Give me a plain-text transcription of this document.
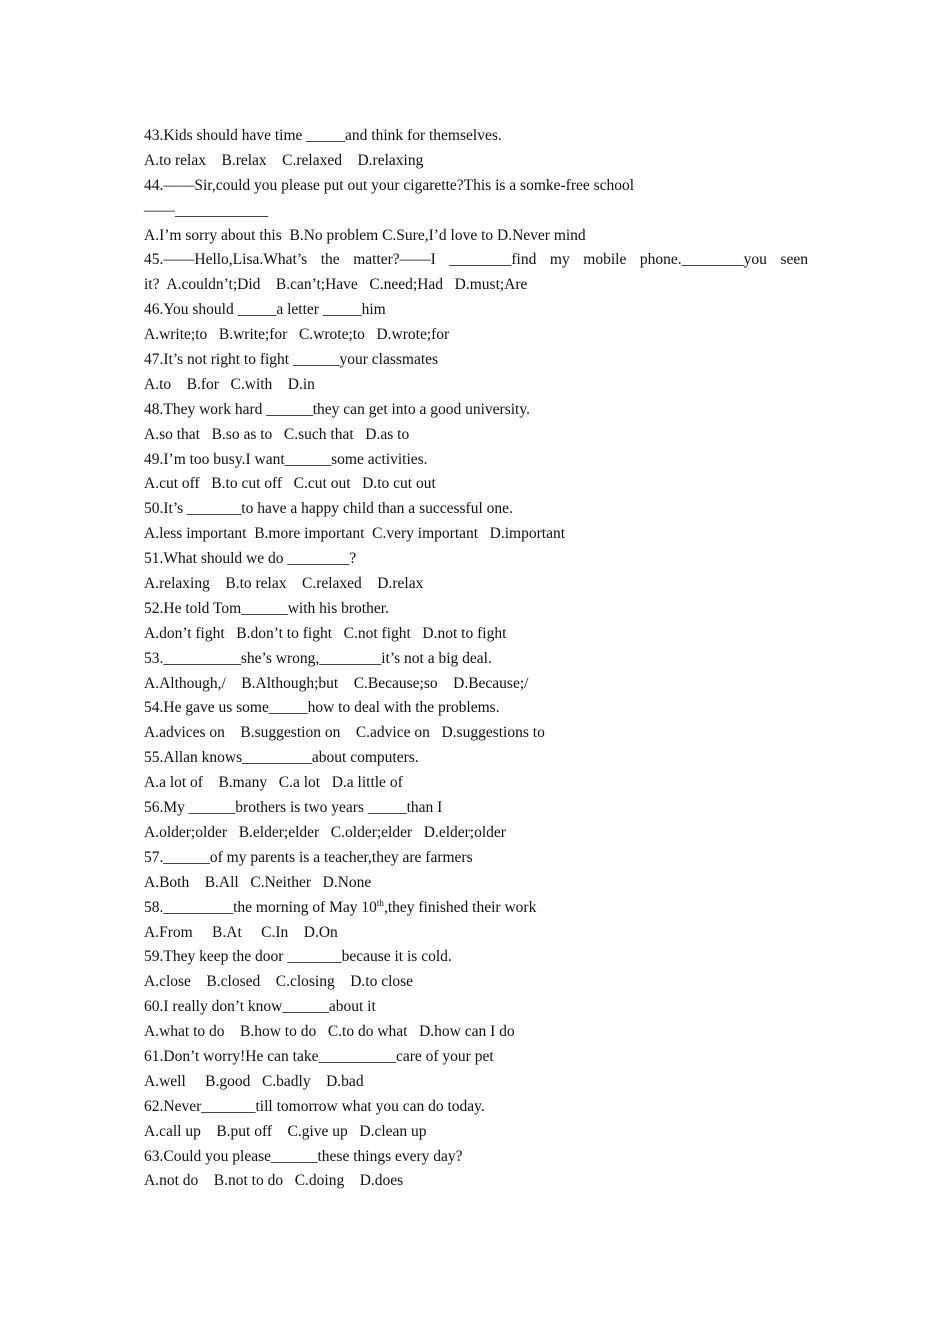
43.Kids should have time _____and think for themselves.
A.to relax    B.relax    C.relaxed    D.relaxing
44.——Sir,could you please put out your cigarette?This is a somke-free school
——____________
A.I’m sorry about this  B.No problem C.Sure,I’d love to D.Never mind
45.——Hello,Lisa.What’s the matter?——I ________find my mobile phone.________you seen
it?  A.couldn’t;Did    B.can’t;Have   C.need;Had   D.must;Are
46.You should _____a letter _____him
A.write;to   B.write;for   C.wrote;to   D.wrote;for
47.It’s not right to fight ______your classmates
A.to    B.for   C.with    D.in
48.They work hard ______they can get into a good university.
A.so that   B.so as to   C.such that   D.as to
49.I’m too busy.I want______some activities.
A.cut off   B.to cut off   C.cut out   D.to cut out
50.It’s _______to have a happy child than a successful one.
A.less important  B.more important  C.very important   D.important
51.What should we do ________?
A.relaxing    B.to relax    C.relaxed    D.relax
52.He told Tom______with his brother.
A.don’t fight   B.don’t to fight   C.not fight   D.not to fight
53.__________she’s wrong,________it’s not a big deal.
A.Although,/    B.Although;but    C.Because;so    D.Because;/
54.He gave us some_____how to deal with the problems.
A.advices on    B.suggestion on    C.advice on   D.suggestions to
55.Allan knows_________about computers.
A.a lot of    B.many   C.a lot   D.a little of
56.My ______brothers is two years _____than I
A.older;older   B.elder;elder   C.older;elder   D.elder;older
57.______of my parents is a teacher,they are farmers
A.Both    B.All   C.Neither   D.None
58._________the morning of May 10th,they finished their work
A.From     B.At     C.In    D.On
59.They keep the door _______because it is cold.
A.close    B.closed    C.closing    D.to close
60.I really don’t know______about it
A.what to do    B.how to do   C.to do what   D.how can I do
61.Don’t worry!He can take__________care of your pet
A.well     B.good   C.badly    D.bad
62.Never_______till tomorrow what you can do today.
A.call up    B.put off    C.give up   D.clean up
63.Could you please______these things every day?
A.not do    B.not to do   C.doing    D.does
